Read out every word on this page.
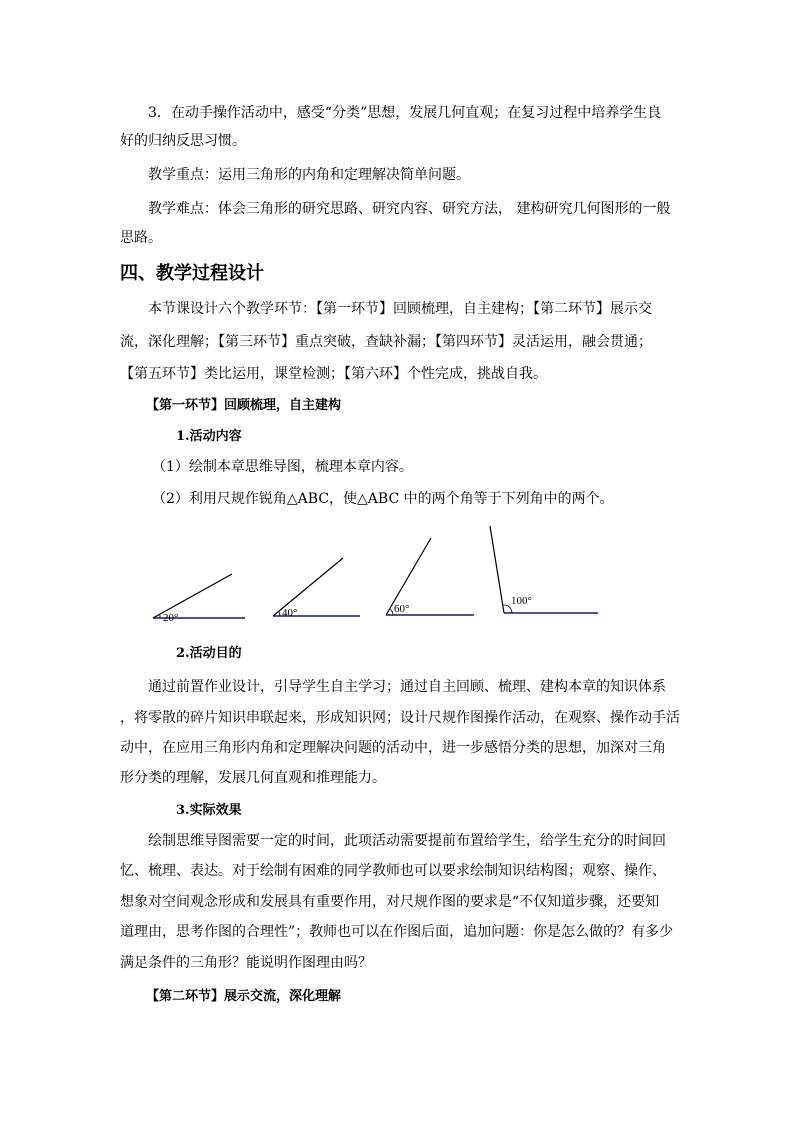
3．在动手操作活动中，感受“分类”思想，发展几何直观；在复习过程中培养学生良
好的归纳反思习惯。
教学重点：运用三角形的内角和定理解决简单问题。
教学难点：体会三角形的研究思路、研究内容、研究方法， 建构研究几何图形的一般
思路。
四、教学过程设计
本节课设计六个教学环节：【第一环节】回顾梳理，自主建构；【第二环节】展示交
流，深化理解；【第三环节】重点突破，查缺补漏；【第四环节】灵活运用，融会贯通；
【第五环节】类比运用，课堂检测；【第六环】个性完成，挑战自我。
【第一环节】回顾梳理，自主建构
1.活动内容
（1）绘制本章思维导图，梳理本章内容。
（2）利用尺规作锐角△ABC，使△ABC 中的两个角等于下列角中的两个。
20°	40°	60°
100°
2.活动目的
通过前置作业设计，引导学生自主学习；通过自主回顾、梳理、建构本章的知识体系
，将零散的碎片知识串联起来，形成知识网；设计尺规作图操作活动，在观察、操作动手活
动中，在应用三角形内角和定理解决问题的活动中，进一步感悟分类的思想，加深对三角
形分类的理解，发展几何直观和推理能力。
3.实际效果
绘制思维导图需要一定的时间，此项活动需要提前布置给学生，给学生充分的时间回
忆、梳理、表达。对于绘制有困难的同学教师也可以要求绘制知识结构图；观察、操作、
想象对空间观念形成和发展具有重要作用，对尺规作图的要求是“不仅知道步骤，还要知
道理由，思考作图的合理性”；教师也可以在作图后面，追加问题：你是怎么做的？有多少
满足条件的三角形？能说明作图理由吗？
【第二环节】展示交流，深化理解
